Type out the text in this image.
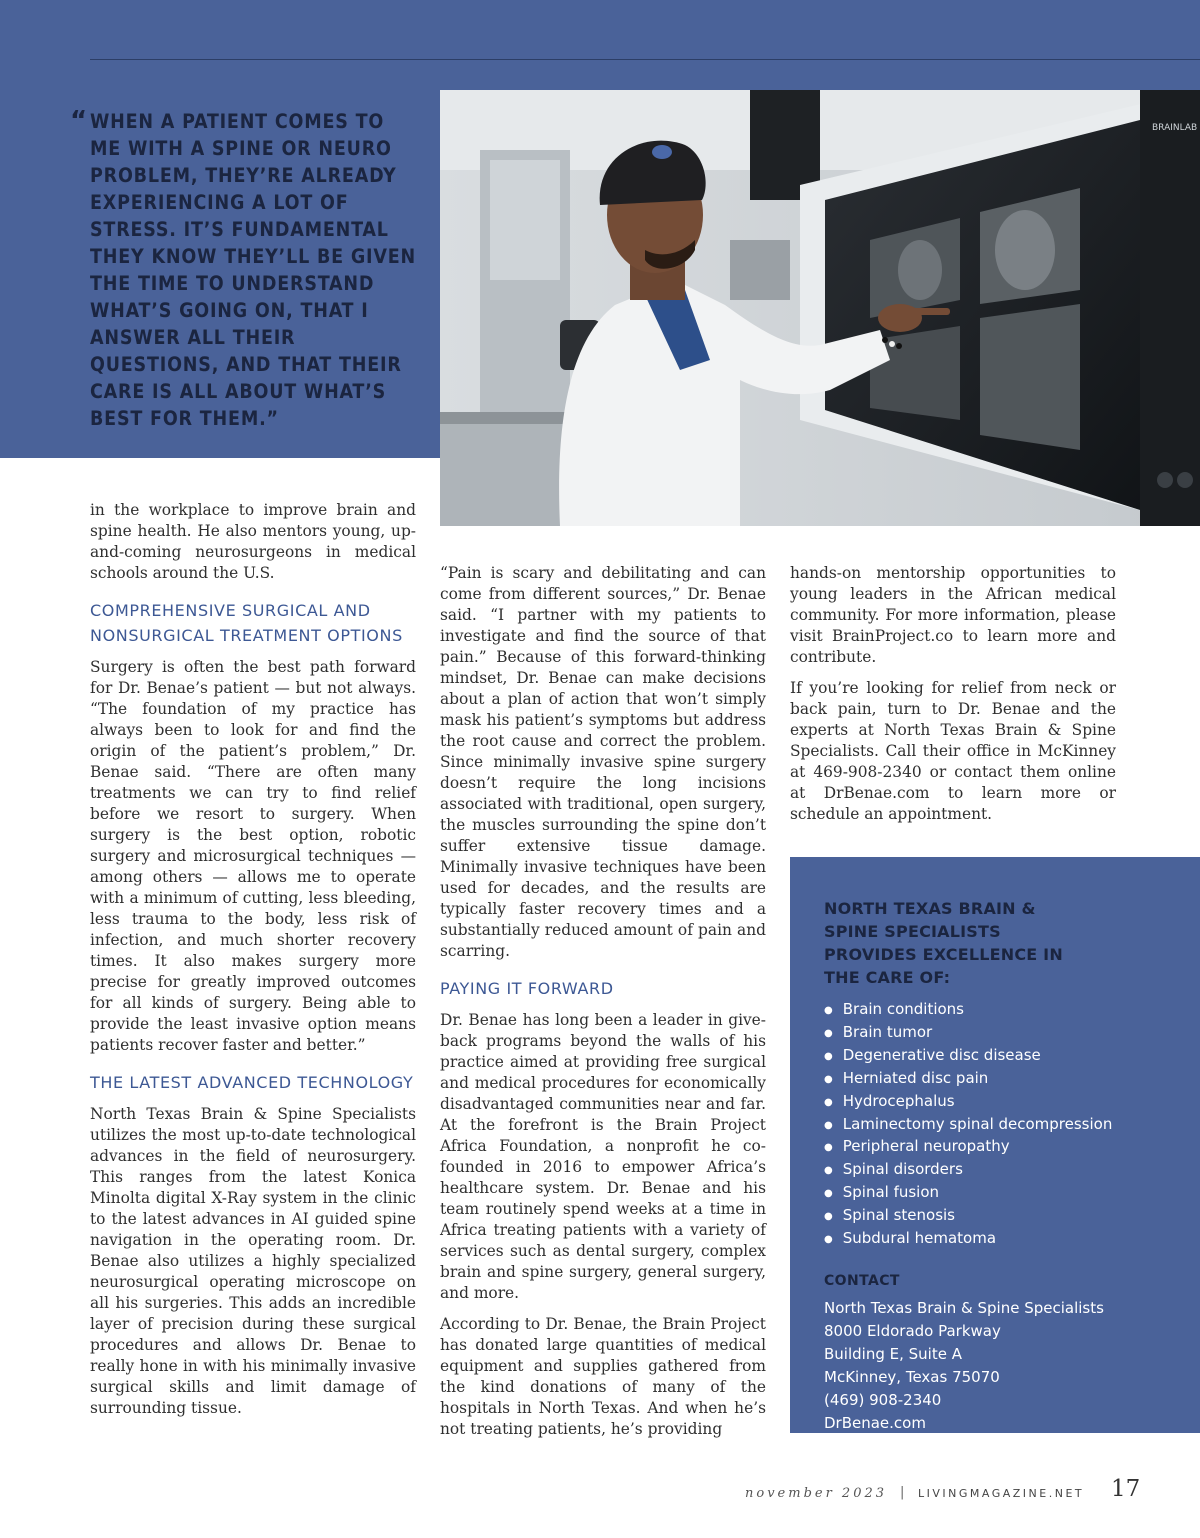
“ WHEN A PATIENT COMES TO ME WITH A SPINE OR NEURO PROBLEM, THEY’RE ALREADY EXPERIENCING A LOT OF STRESS. IT’S FUNDAMENTAL THEY KNOW THEY’LL BE GIVEN THE TIME TO UNDERSTAND WHAT’S GOING ON, THAT I ANSWER ALL THEIR QUESTIONS, AND THAT THEIR CARE IS ALL ABOUT WHAT’S BEST FOR THEM.”
BRAINLAB

in the workplace to improve brain and spine health. He also mentors young, up-and-coming neurosurgeons in medical schools around the U.S.

COMPREHENSIVE SURGICAL AND NONSURGICAL TREATMENT OPTIONS

Surgery is often the best path forward for Dr. Benae’s patient — but not always. “The foundation of my practice has always been to look for and find the origin of the patient’s problem,” Dr. Benae said. “There are often many treatments we can try to find relief before we resort to surgery. When surgery is the best option, robotic surgery and microsurgical techniques — among others — allows me to operate with a minimum of cutting, less bleeding, less trauma to the body, less risk of infection, and much shorter recovery times. It also makes surgery more precise for greatly improved outcomes for all kinds of surgery. Being able to provide the least invasive option means patients recover faster and better.”

THE LATEST ADVANCED TECHNOLOGY

North Texas Brain & Spine Specialists utilizes the most up-to-date technological advances in the field of neurosurgery. This ranges from the latest Konica Minolta digital X-Ray system in the clinic to the latest advances in AI guided spine navigation in the operating room. Dr. Benae also utilizes a highly specialized neurosurgical operating microscope on all his surgeries. This adds an incredible layer of precision during these surgical procedures and allows Dr. Benae to really hone in with his minimally invasive surgical skills and limit damage of surrounding tissue.

“Pain is scary and debilitating and can come from different sources,” Dr. Benae said. “I partner with my patients to investigate and find the source of that pain.” Because of this forward-thinking mindset, Dr. Benae can make decisions about a plan of action that won’t simply mask his patient’s symptoms but address the root cause and correct the problem. Since minimally invasive spine surgery doesn’t require the long incisions associated with traditional, open surgery, the muscles surrounding the spine don’t suffer extensive tissue damage. Minimally invasive techniques have been used for decades, and the results are typically faster recovery times and a substantially reduced amount of pain and scarring.

PAYING IT FORWARD

Dr. Benae has long been a leader in give-back programs beyond the walls of his practice aimed at providing free surgical and medical procedures for economically disadvantaged communities near and far. At the forefront is the Brain Project Africa Foundation, a nonprofit he co-founded in 2016 to empower Africa’s healthcare system. Dr. Benae and his team routinely spend weeks at a time in Africa treating patients with a variety of services such as dental surgery, complex brain and spine surgery, general surgery, and more.

According to Dr. Benae, the Brain Project has donated large quantities of medical equipment and supplies gathered from the kind donations of many of the hospitals in North Texas. And when he’s not treating patients, he’s providing

hands-on mentorship opportunities to young leaders in the African medical community. For more information, please visit BrainProject.co to learn more and contribute.

If you’re looking for relief from neck or back pain, turn to Dr. Benae and the experts at North Texas Brain & Spine Specialists. Call their office in McKinney at 469-908-2340 or contact them online at DrBenae.com to learn more or schedule an appointment.

NORTH TEXAS BRAIN & SPINE SPECIALISTS PROVIDES EXCELLENCE IN THE CARE OF:
● Brain conditions
● Brain tumor
● Degenerative disc disease
● Herniated disc pain
● Hydrocephalus
● Laminectomy spinal decompression
● Peripheral neuropathy
● Spinal disorders
● Spinal fusion
● Spinal stenosis
● Subdural hematoma
CONTACT
North Texas Brain & Spine Specialists
8000 Eldorado Parkway
Building E, Suite A
McKinney, Texas 75070
(469) 908-2340
DrBenae.com
november 2023 | LIVINGMAGAZINE.NET 17
